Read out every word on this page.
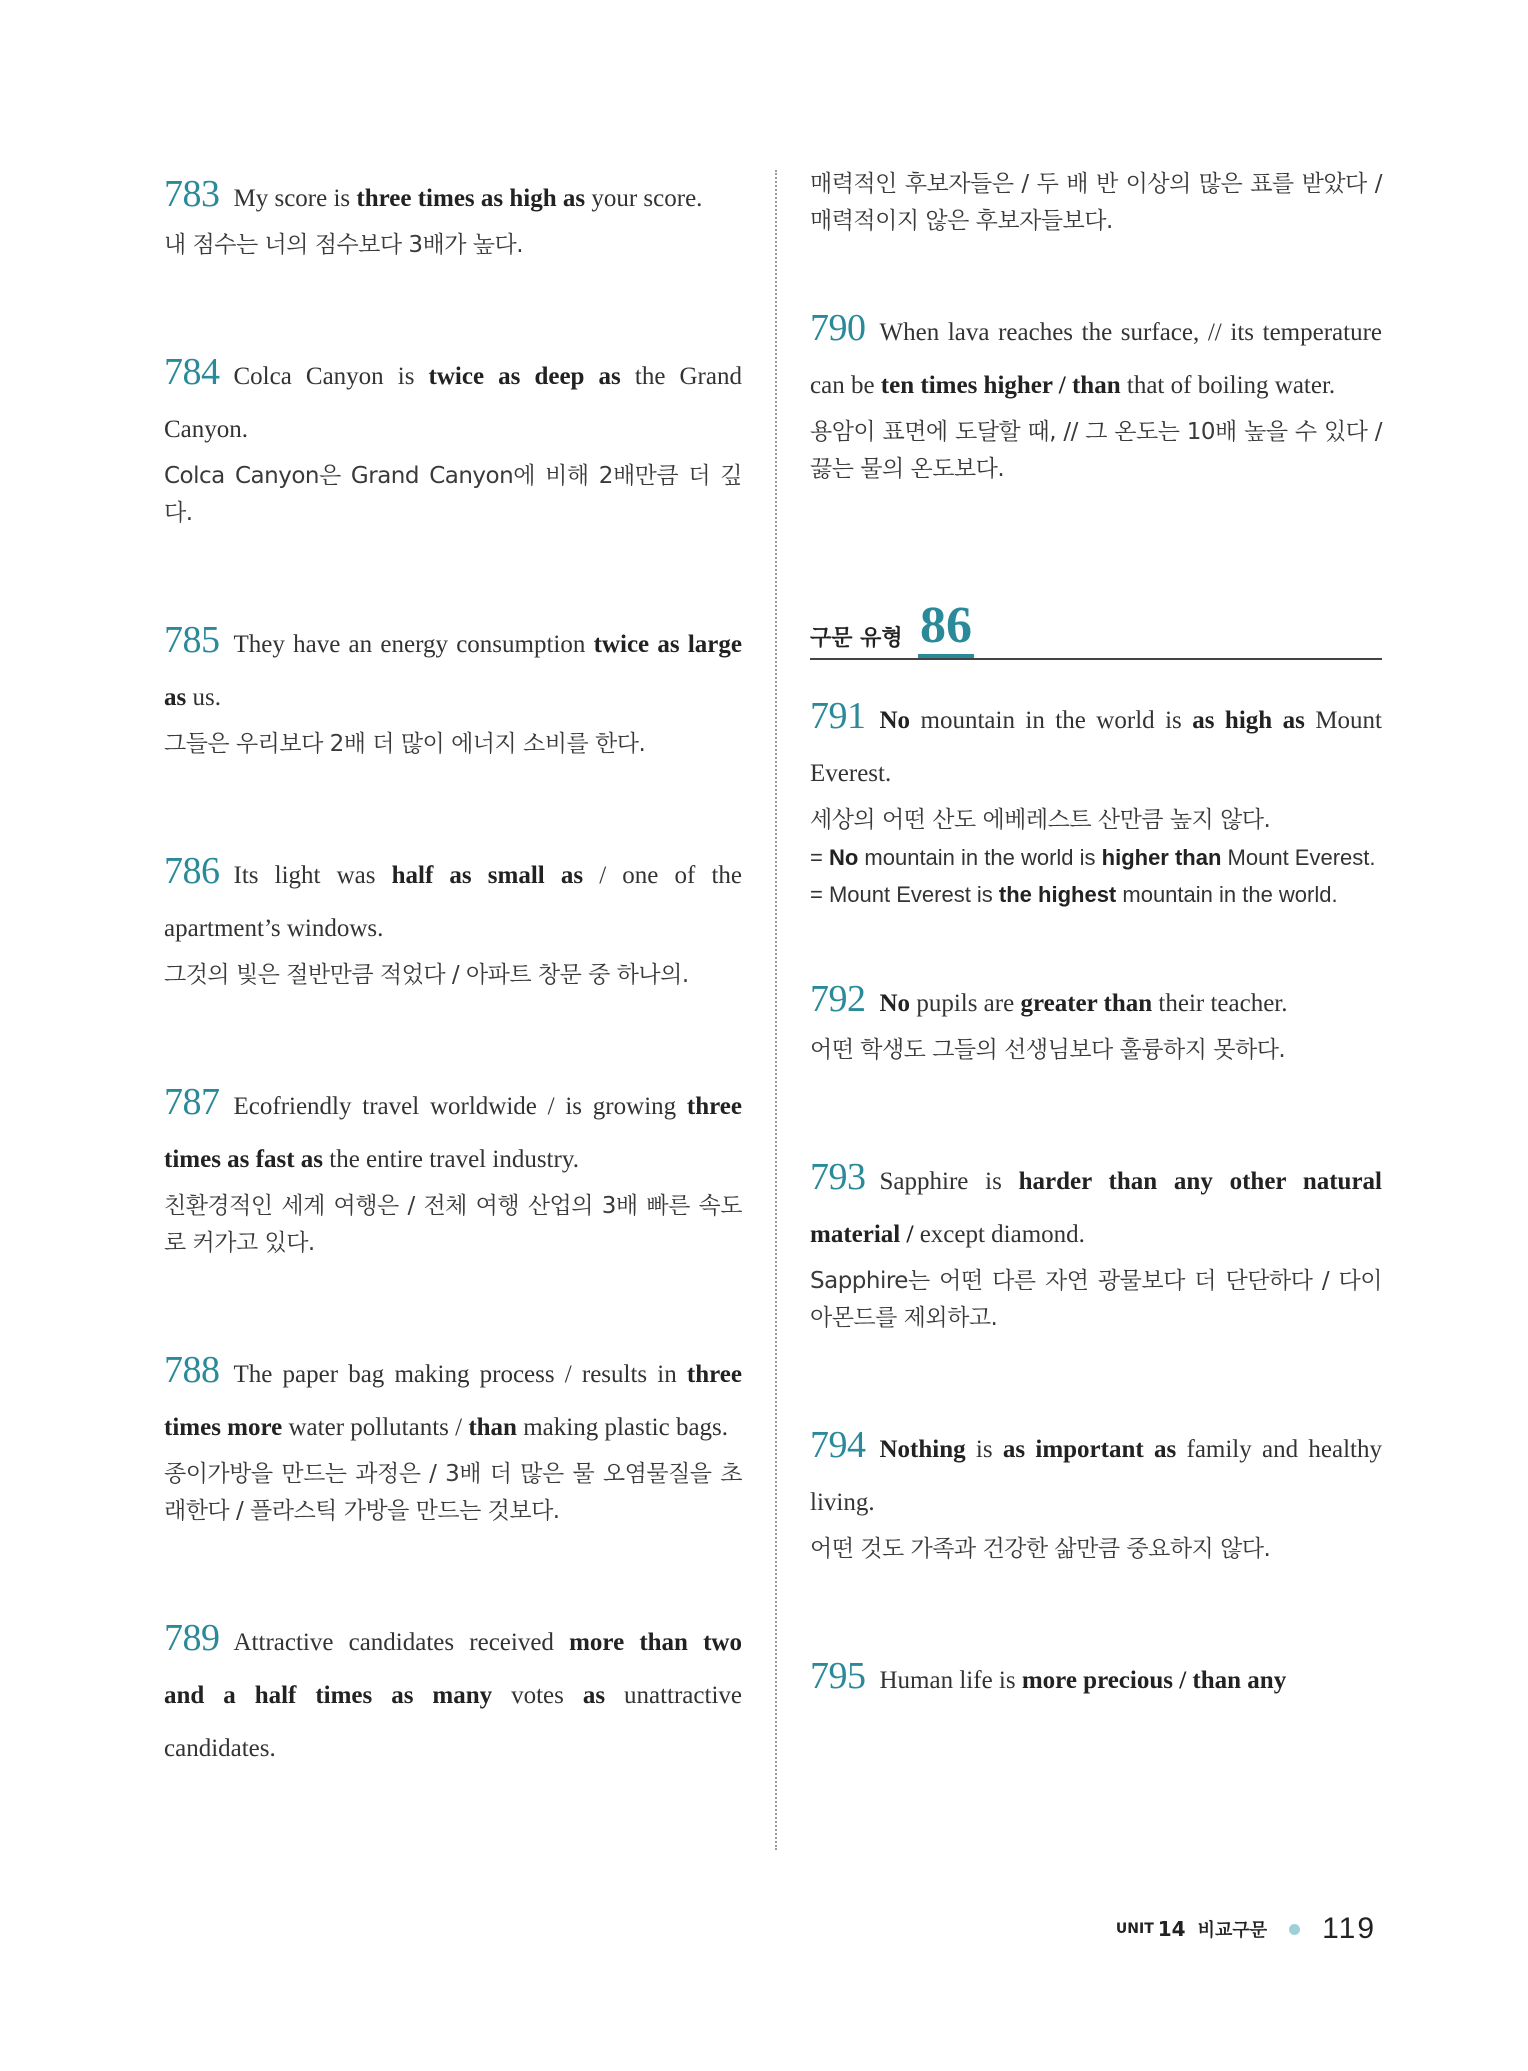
783 My score is three times as high as your score.
내 점수는 너의 점수보다 3배가 높다.
784 Colca Canyon is twice as deep as the Grand Canyon.
Colca Canyon은 Grand Canyon에 비해 2배만큼 더 깊다.
785 They have an energy consumption twice as large as us.
그들은 우리보다 2배 더 많이 에너지 소비를 한다.
786 Its light was half as small as / one of the apartment’s windows.
그것의 빛은 절반만큼 적었다 / 아파트 창문 중 하나의.
787 Ecofriendly travel worldwide / is growing three times as fast as the entire travel industry.
친환경적인 세계 여행은 / 전체 여행 산업의 3배 빠른 속도로 커가고 있다.
788 The paper bag making process / results in three times more water pollutants / than making plastic bags.
종이가방을 만드는 과정은 / 3배 더 많은 물 오염물질을 초래한다 / 플라스틱 가방을 만드는 것보다.
789 Attractive candidates received more than two and a half times as many votes as unattractive candidates.
매력적인 후보자들은 / 두 배 반 이상의 많은 표를 받았다 / 매력적이지 않은 후보자들보다.
790 When lava reaches the surface, // its temperature can be ten times higher / than that of boiling water.
용암이 표면에 도달할 때, // 그 온도는 10배 높을 수 있다 / 끓는 물의 온도보다.
구문 유형 86
791 No mountain in the world is as high as Mount Everest.
세상의 어떤 산도 에베레스트 산만큼 높지 않다.
= No mountain in the world is higher than Mount Everest.
= Mount Everest is the highest mountain in the world.
792 No pupils are greater than their teacher.
어떤 학생도 그들의 선생님보다 훌륭하지 못하다.
793 Sapphire is harder than any other natural material / except diamond.
Sapphire는 어떤 다른 자연 광물보다 더 단단하다 / 다이아몬드를 제외하고.
794 Nothing is as important as family and healthy living.
어떤 것도 가족과 건강한 삶만큼 중요하지 않다.
795 Human life is more precious / than any
UNIT 14 비교구문 119
